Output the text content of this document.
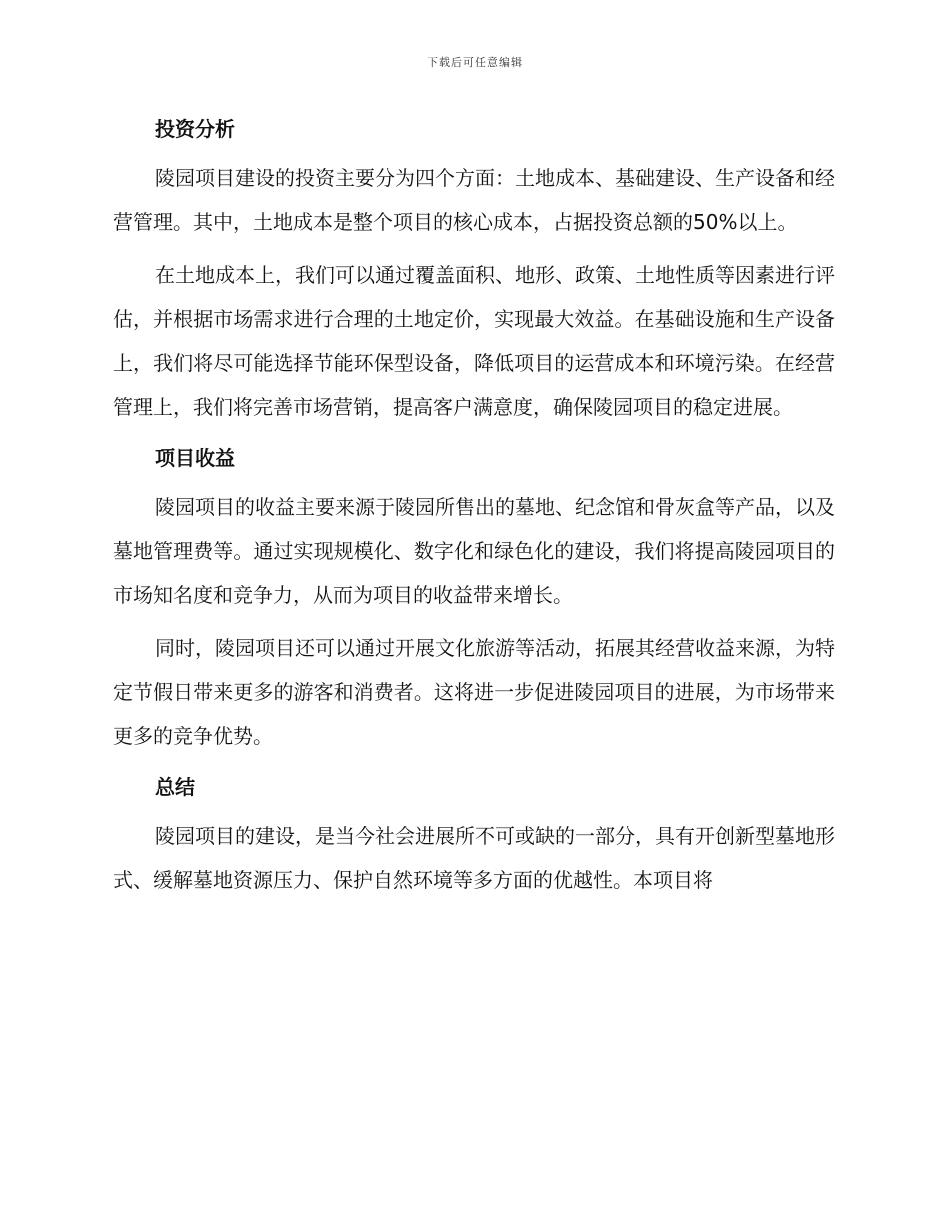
下载后可任意编辑
投资分析

陵园项目建设的投资主要分为四个方面：土地成本、基础建设、生产设备和经营管理。其中，土地成本是整个项目的核心成本，占据投资总额的50%以上。

在土地成本上，我们可以通过覆盖面积、地形、政策、土地性质等因素进行评估，并根据市场需求进行合理的土地定价，实现最大效益。在基础设施和生产设备上，我们将尽可能选择节能环保型设备，降低项目的运营成本和环境污染。在经营管理上，我们将完善市场营销，提高客户满意度，确保陵园项目的稳定进展。

项目收益

陵园项目的收益主要来源于陵园所售出的墓地、纪念馆和骨灰盒等产品，以及墓地管理费等。通过实现规模化、数字化和绿色化的建设，我们将提高陵园项目的市场知名度和竞争力，从而为项目的收益带来增长。

同时，陵园项目还可以通过开展文化旅游等活动，拓展其经营收益来源，为特定节假日带来更多的游客和消费者。这将进一步促进陵园项目的进展，为市场带来更多的竞争优势。

总结

陵园项目的建设，是当今社会进展所不可或缺的一部分，具有开创新型墓地形式、缓解墓地资源压力、保护自然环境等多方面的优越性。本项目将
